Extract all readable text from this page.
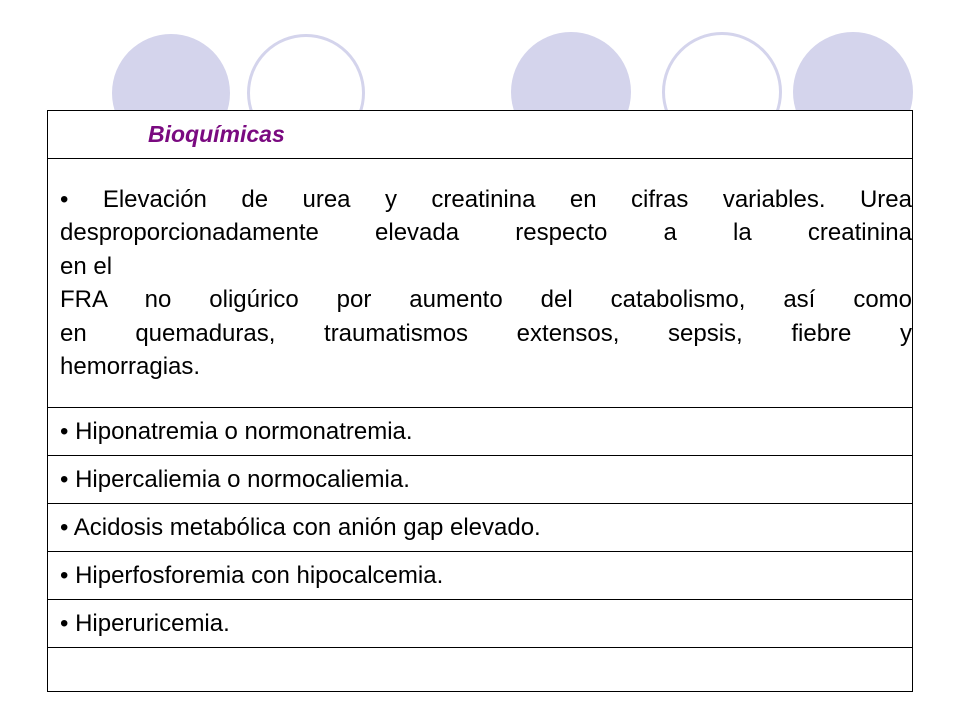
Bioquímicas

• Elevación de urea y creatinina en cifras variables. Urea
desproporcionadamente elevada respecto a la creatinina
en el
FRA no oligúrico por aumento del catabolismo, así como
en quemaduras, traumatismos extensos, sepsis, fiebre y
hemorragias.

• Hiponatremia o normonatremia.
• Hipercaliemia o normocaliemia.
• Acidosis metabólica con anión gap elevado.
• Hiperfosforemia con hipocalcemia.
• Hiperuricemia.
